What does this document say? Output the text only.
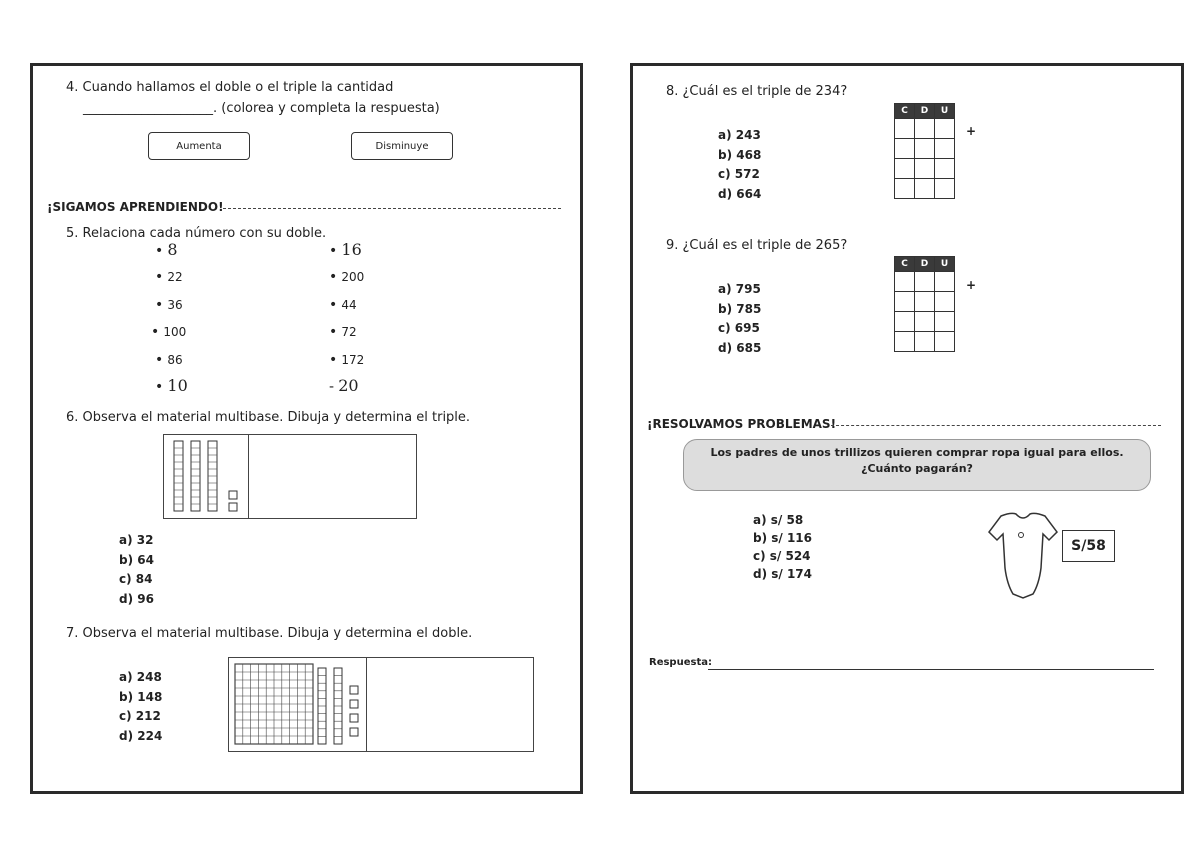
4. Cuando hallamos el doble o el triple la cantidad
____________________. (colorea y completa la respuesta)
Aumenta	Disminuye
¡SIGAMOS APRENDIENDO!
5. Relaciona cada número con su doble.
• 8
• 22
• 36
• 100
• 86
• 10
• 16
• 200
• 44
• 72
• 172
- 20
6. Observa el material multibase. Dibuja y determina el triple.
a) 32
b) 64
c) 84
d) 96
7. Observa el material multibase. Dibuja y determina el doble.
a) 248
b) 148
c) 212
d) 224
8. ¿Cuál es el triple de 234?
a) 243
b) 468
c) 572
d) 664
C	D	U

+
9. ¿Cuál es el triple de 265?
a) 795
b) 785
c) 695
d) 685
C	D	U

+
¡RESOLVAMOS PROBLEMAS!
Los padres de unos trillizos quieren comprar ropa igual para ellos. ¿Cuánto pagarán?
a) s/ 58
b) s/ 116
c) s/ 524
d) s/ 174
S/58
Respuesta:
